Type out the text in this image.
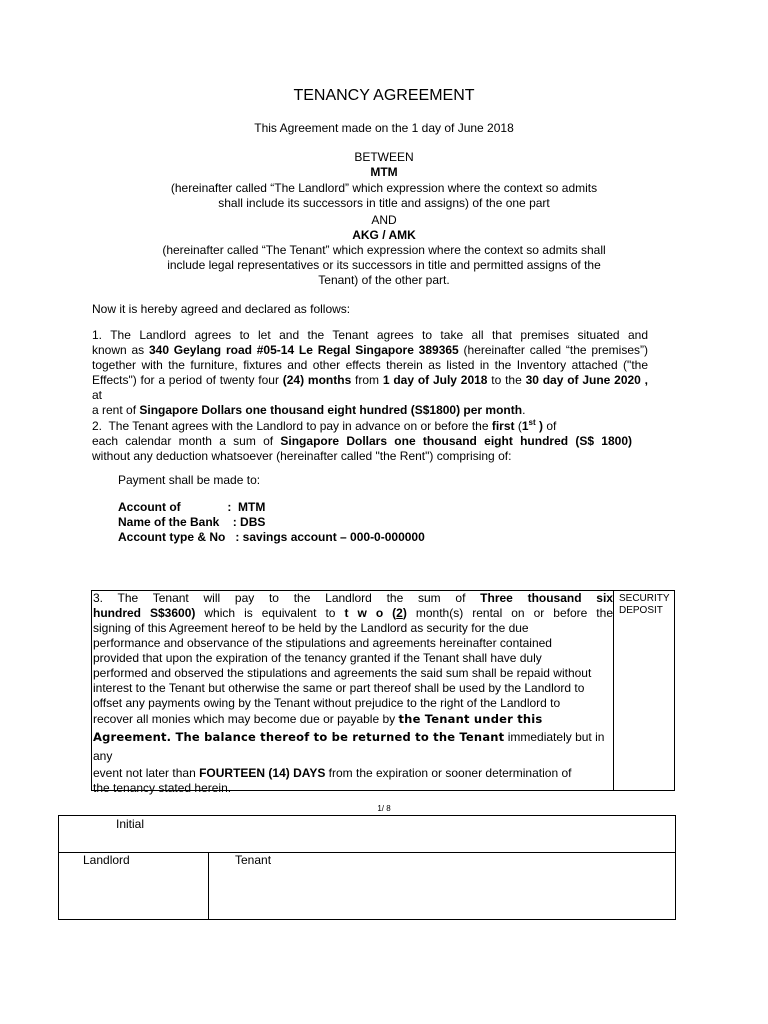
TENANCY AGREEMENT
This Agreement made on the 1 day of June 2018
BETWEEN
MTM
(hereinafter called “The Landlord” which expression where the context so admits
shall include its successors in title and assigns) of the one part
AND
AKG / AMK
(hereinafter called “The Tenant” which expression where the context so admits shall
include legal representatives or its successors in title and permitted assigns of the
Tenant) of the other part.
Now it is hereby agreed and declared as follows:
1. The Landlord agrees to let and the Tenant agrees to take all that premises situated and
known as 340 Geylang road #05-14 Le Regal Singapore 389365 (hereinafter called “the premises”)
together with the furniture, fixtures and other effects therein as listed in the Inventory attached ("the
Effects") for a period of twenty four (24) months from 1 day of July 2018 to the 30 day of June 2020 , at
a rent of Singapore Dollars one thousand eight hundred (S$1800) per month.
2.  The Tenant agrees with the Landlord to pay in advance on or before the first (1st ) of
each calendar month a sum of Singapore Dollars one thousand eight hundred (S$ 1800)
without any deduction whatsoever (hereinafter called "the Rent") comprising of:
Payment shall be made to:
Account of              :  MTM
Name of the Bank    : DBS
Account type & No   : savings account – 000-0-000000
3. The Tenant will pay to the Landlord the sum of Three thousand six
hundred S$3600) which is equivalent to t w o (2) month(s) rental on or before the
signing of this Agreement hereof to be held by the Landlord as security for the due
performance and observance of the stipulations and agreements hereinafter contained
provided that upon the expiration of the tenancy granted if the Tenant shall have duly
performed and observed the stipulations and agreements the said sum shall be repaid without
interest to the Tenant but otherwise the same or part thereof shall be used by the Landlord to
offset any payments owing by the Tenant without prejudice to the right of the Landlord to
recover all monies which may become due or payable by the Tenant under this
Agreement. The balance thereof to be returned to the Tenant immediately but in any
event not later than FOURTEEN (14) DAYS from the expiration or sooner determination of
the tenancy stated herein.
SECURITY
DEPOSIT
1/ 8
Initial
Landlord	Tenant
